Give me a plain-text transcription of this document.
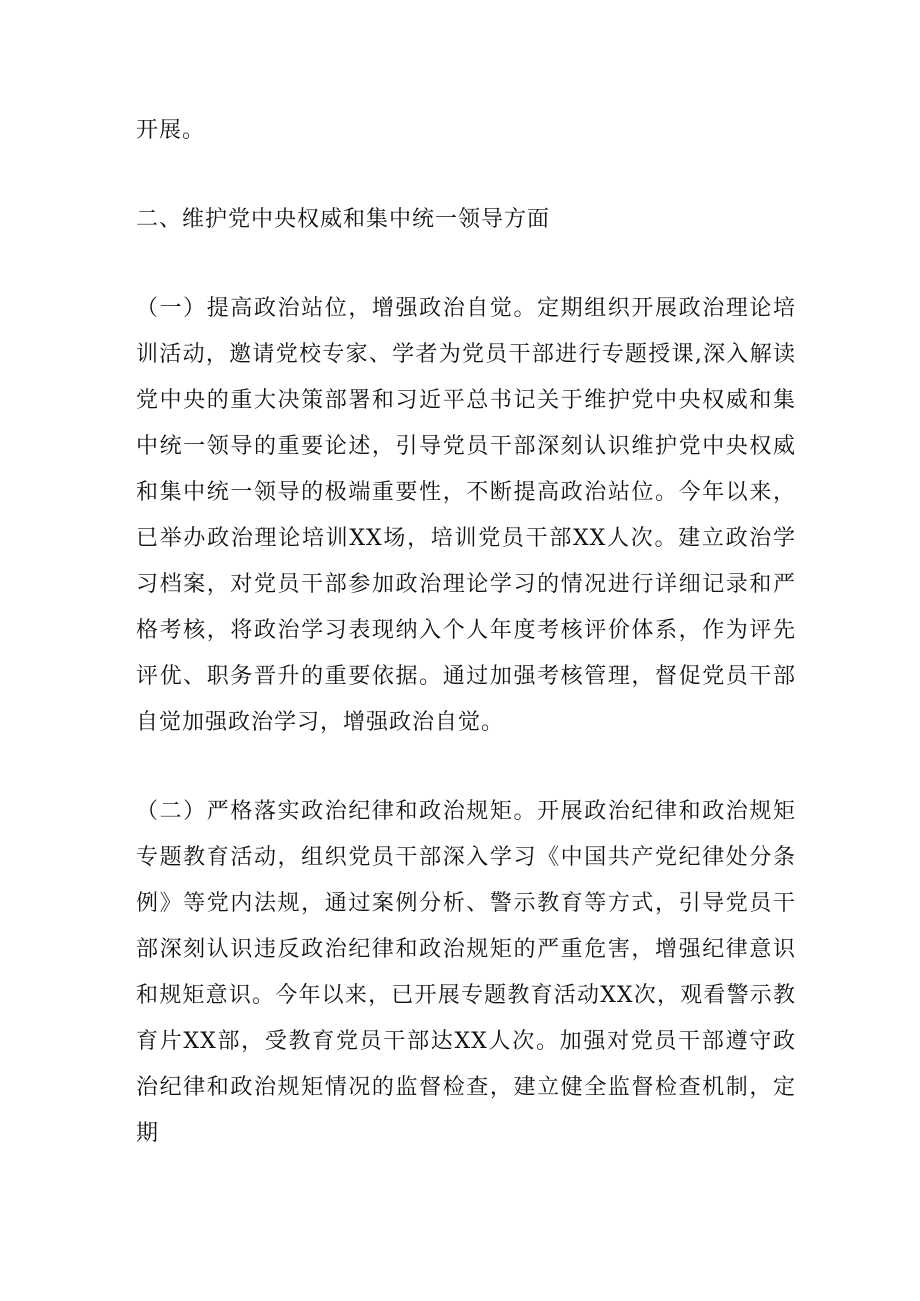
开展。

二、维护党中央权威和集中统一领导方面

（一）提高政治站位，增强政治自觉。定期组织开展政治理论培训活动，邀请党校专家、学者为党员干部进行专题授课,深入解读党中央的重大决策部署和习近平总书记关于维护党中央权威和集中统一领导的重要论述，引导党员干部深刻认识维护党中央权威和集中统一领导的极端重要性，不断提高政治站位。今年以来，已举办政治理论培训XX场，培训党员干部XX人次。建立政治学习档案，对党员干部参加政治理论学习的情况进行详细记录和严格考核，将政治学习表现纳入个人年度考核评价体系，作为评先评优、职务晋升的重要依据。通过加强考核管理，督促党员干部自觉加强政治学习，增强政治自觉。

（二）严格落实政治纪律和政治规矩。开展政治纪律和政治规矩专题教育活动，组织党员干部深入学习《中国共产党纪律处分条例》等党内法规，通过案例分析、警示教育等方式，引导党员干部深刻认识违反政治纪律和政治规矩的严重危害，增强纪律意识和规矩意识。今年以来，已开展专题教育活动XX次，观看警示教育片XX部，受教育党员干部达XX人次。加强对党员干部遵守政治纪律和政治规矩情况的监督检查，建立健全监督检查机制，定期
